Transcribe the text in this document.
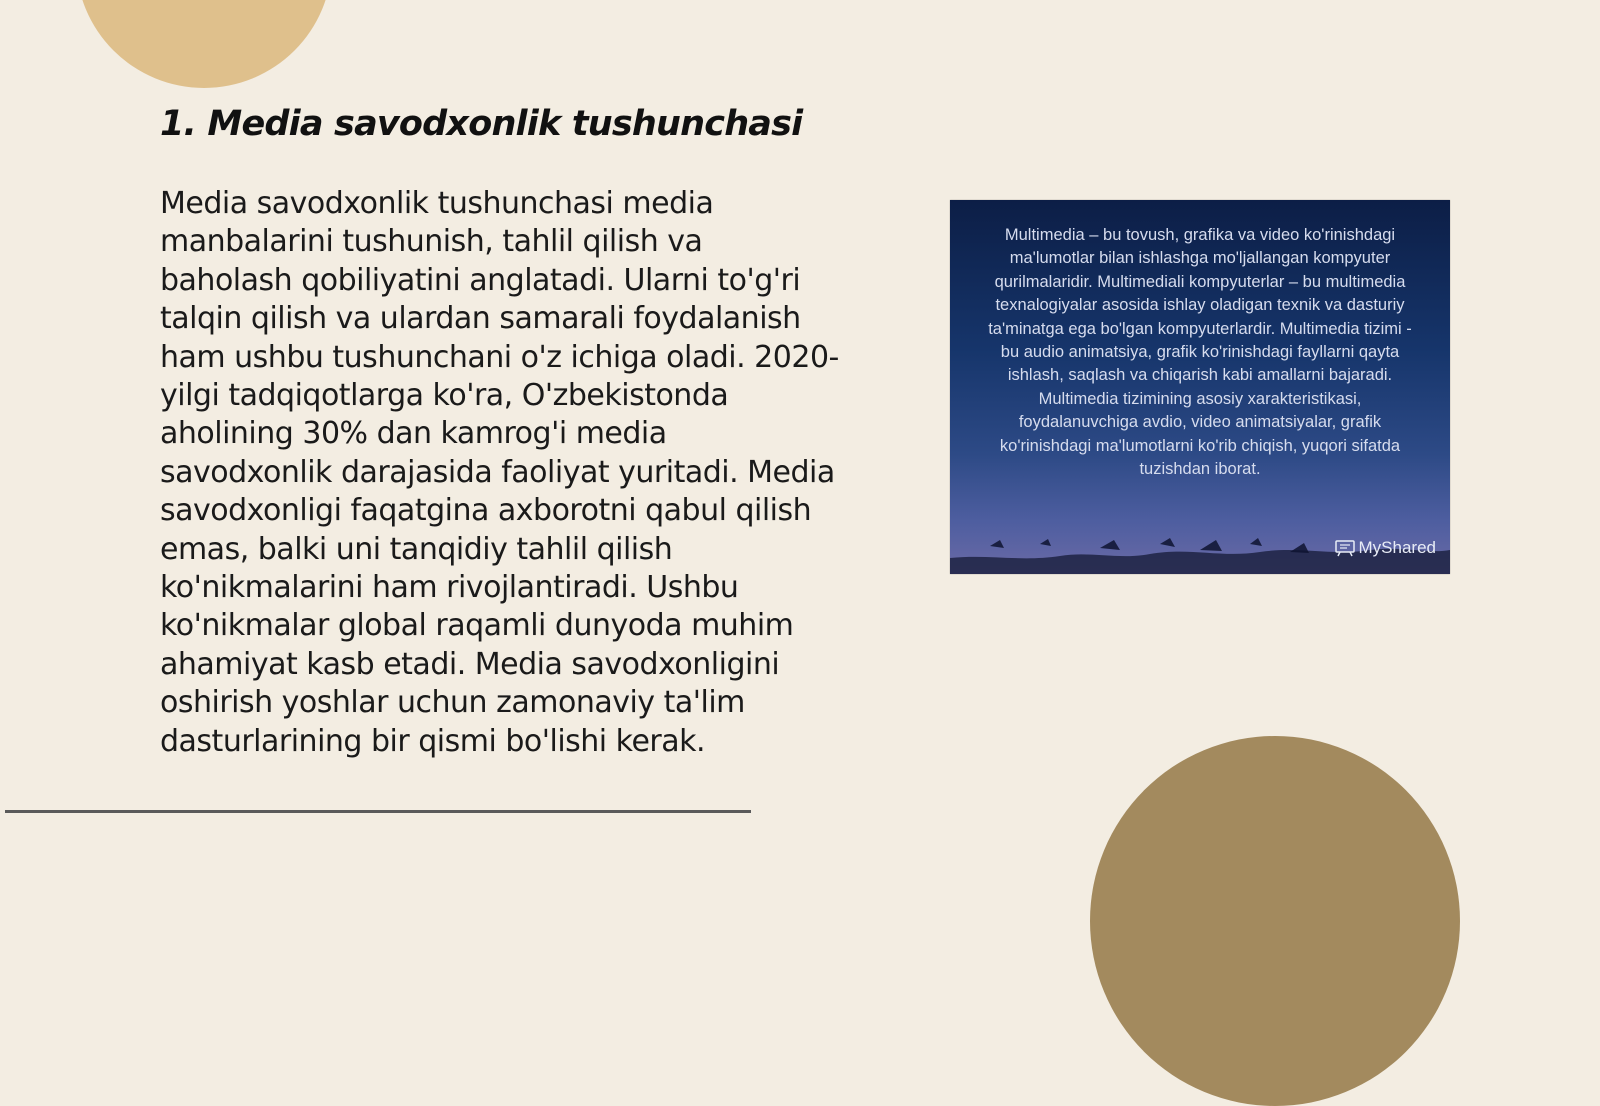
1. Media savodxonlik tushunchasi

Media savodxonlik tushunchasi media manbalarini tushunish, tahlil qilish va baholash qobiliyatini anglatadi. Ularni to'g'ri talqin qilish va ulardan samarali foydalanish ham ushbu tushunchani o'z ichiga oladi. 2020-yilgi tadqiqotlarga ko'ra, O'zbekistonda aholining 30% dan kamrog'i media savodxonlik darajasida faoliyat yuritadi. Media savodxonligi faqatgina axborotni qabul qilish emas, balki uni tanqidiy tahlil qilish ko'nikmalarini ham rivojlantiradi. Ushbu ko'nikmalar global raqamli dunyoda muhim ahamiyat kasb etadi. Media savodxonligini oshirish yoshlar uchun zamonaviy ta'lim dasturlarining bir qismi bo'lishi kerak.

Multimedia – bu tovush, grafika va video ko'rinishdagi ma'lumotlar bilan ishlashga mo'ljallangan kompyuter qurilmalaridir. Multimediali kompyuterlar – bu multimedia texnalogiyalar asosida ishlay oladigan texnik va dasturiy ta'minatga ega bo'lgan kompyuterlardir. Multimedia tizimi - bu audio animatsiya, grafik ko'rinishdagi fayllarni qayta ishlash, saqlash va chiqarish kabi amallarni bajaradi. Multimedia tizimining asosiy xarakteristikasi, foydalanuvchiga avdio, video animatsiyalar, grafik ko'rinishdagi ma'lumotlarni ko'rib chiqish, yuqori sifatda tuzishdan iborat.

MyShared
